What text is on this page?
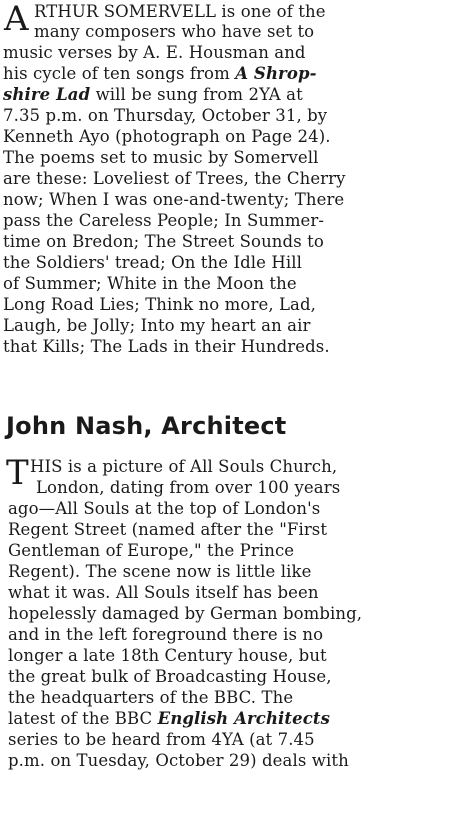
A RTHUR SOMERVELL is one of the
many composers who have set to
music verses by A. E. Housman and
his cycle of ten songs from A Shrop-
shire Lad will be sung from 2YA at
7.35 p.m. on Thursday, October 31, by
Kenneth Ayo (photograph on Page 24).
The poems set to music by Somervell
are these: Loveliest of Trees, the Cherry
now; When I was one-and-twenty; There
pass the Careless People; In Summer-
time on Bredon; The Street Sounds to
the Soldiers' tread; On the Idle Hill
of Summer; White in the Moon the
Long Road Lies; Think no more, Lad,
Laugh, be Jolly; Into my heart an air
that Kills; The Lads in their Hundreds.
John Nash, Architect
T HIS is a picture of All Souls Church,
London, dating from over 100 years
ago—All Souls at the top of London's
Regent Street (named after the "First
Gentleman of Europe," the Prince
Regent). The scene now is little like
what it was. All Souls itself has been
hopelessly damaged by German bombing,
and in the left foreground there is no
longer a late 18th Century house, but
the great bulk of Broadcasting House,
the headquarters of the BBC. The
latest of the BBC English Architects
series to be heard from 4YA (at 7.45
p.m. on Tuesday, October 29) deals with
